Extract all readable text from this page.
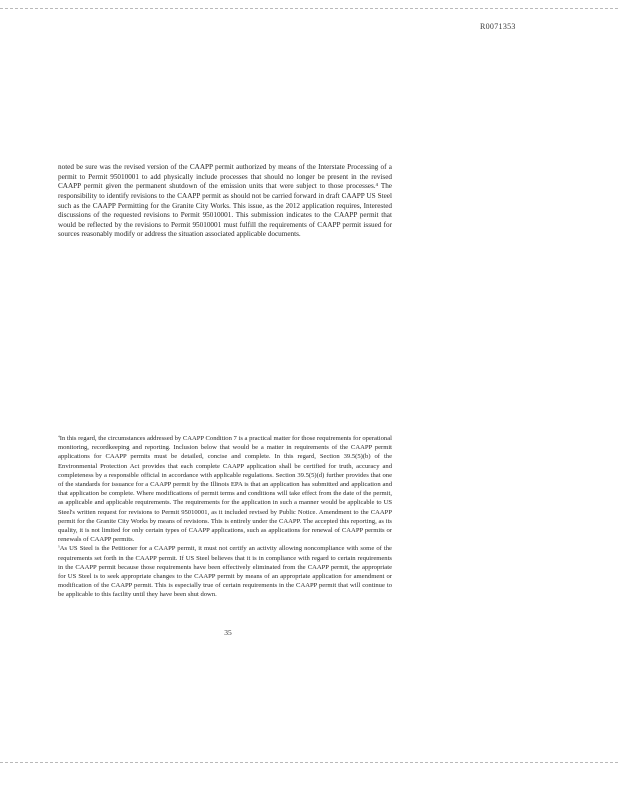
R0071353

noted be sure was the revised version of the CAAPP permit authorized by means of the Interstate Processing of a permit to Permit 95010001 to add physically include processes that should no longer be present in the revised CAAPP permit given the permanent shutdown of the emission units that were subject to those processes.⁴ The responsibility to identify revisions to the CAAPP permit as should not be carried forward in draft CAAPP US Steel such as the CAAPP Permitting for the Granite City Works. This issue, as the 2012 application requires, Interested discussions of the requested revisions to Permit 95010001. This submission indicates to the CAAPP permit that would be reflected by the revisions to Permit 95010001 must fulfill the requirements of CAAPP permit issued for sources reasonably modify or address the situation associated applicable documents.

$^{^4}$In this regard, the circumstances addressed by CAAPP Condition 7 is a practical matter for those requirements for operational monitoring, recordkeeping and reporting. Inclusion below that would be a matter in requirements of the CAAPP permit applications for CAAPP permits must be detailed, concise and complete. In this regard, Section 39.5(5)(b) of the Environmental Protection Act provides that each complete CAAPP application shall be certified for truth, accuracy and completeness by a responsible official in accordance with applicable regulations. Section 39.5(5)(d) further provides that one of the standards for issuance for a CAAPP permit by the Illinois EPA is that an application has submitted and application and that application be complete. Where modifications of permit terms and conditions will take effect from the date of the permit, as applicable and applicable requirements. The requirements for the application in such a manner would be applicable to US Steel's written request for revisions to Permit 95010001, as it included revised by Public Notice. Amendment to the CAAPP permit for the Granite City Works by means of revisions. This is entirely under the CAAPP. The accepted this reporting, as its quality, it is not limited for only certain types of CAAPP applications, such as applications for renewal of CAAPP permits or renewals of CAAPP permits.

$^{^5}$As US Steel is the Petitioner for a CAAPP permit, it must not certify an activity allowing noncompliance with some of the requirements set forth in the CAAPP permit. If US Steel believes that it is in compliance with regard to certain requirements in the CAAPP permit because those requirements have been effectively eliminated from the CAAPP permit, the appropriate for US Steel is to seek appropriate changes to the CAAPP permit by means of an appropriate application for amendment or modification of the CAAPP permit. This is especially true of certain requirements in the CAAPP permit that will continue to be applicable to this facility until they have been shut down.

35
